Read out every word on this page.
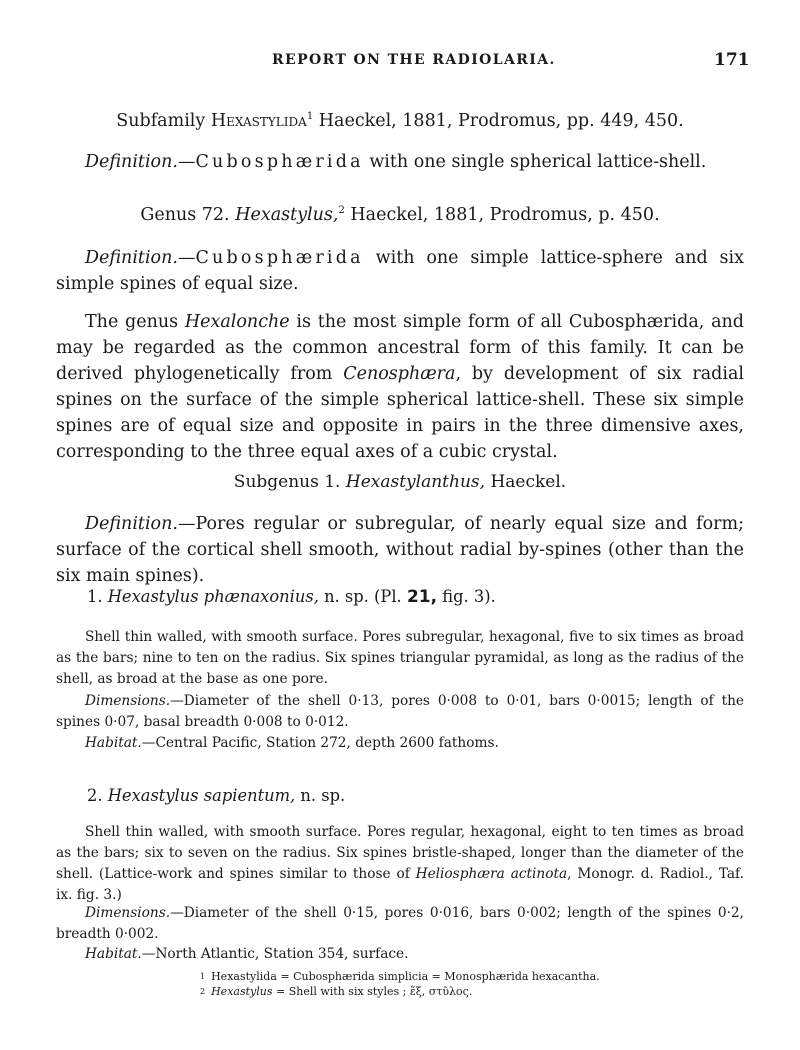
REPORT ON THE RADIOLARIA.	171
Subfamily Hexastylida$^1$ Haeckel, 1881, Prodromus, pp. 449, 450.
Definition.—Cubosphærida with one single spherical lattice-shell.
Genus 72. Hexastylus,$^2$ Haeckel, 1881, Prodromus, p. 450.
Definition.—Cubosphærida with one simple lattice-sphere and six simple spines of equal size.
The genus Hexalonche is the most simple form of all Cubosphærida, and may be regarded as the common ancestral form of this family. It can be derived phylogenetically from Cenosphæra, by development of six radial spines on the surface of the simple spherical lattice-shell. These six simple spines are of equal size and opposite in pairs in the three dimensive axes, corresponding to the three equal axes of a cubic crystal.
Subgenus 1. Hexastylanthus, Haeckel.
Definition.—Pores regular or subregular, of nearly equal size and form; surface of the cortical shell smooth, without radial by-spines (other than the six main spines).
1. Hexastylus phænaxonius, n. sp. (Pl. 21, fig. 3).
Shell thin walled, with smooth surface. Pores subregular, hexagonal, five to six times as broad as the bars; nine to ten on the radius. Six spines triangular pyramidal, as long as the radius of the shell, as broad at the base as one pore.
Dimensions.—Diameter of the shell 0·13, pores 0·008 to 0·01, bars 0·0015; length of the spines 0·07, basal breadth 0·008 to 0·012.
Habitat.—Central Pacific, Station 272, depth 2600 fathoms.
2. Hexastylus sapientum, n. sp.
Shell thin walled, with smooth surface. Pores regular, hexagonal, eight to ten times as broad as the bars; six to seven on the radius. Six spines bristle-shaped, longer than the diameter of the shell. (Lattice-work and spines similar to those of Heliosphæra actinota, Monogr. d. Radiol., Taf. ix. fig. 3.)
Dimensions.—Diameter of the shell 0·15, pores 0·016, bars 0·002; length of the spines 0·2, breadth 0·002.
Habitat.—North Atlantic, Station 354, surface.
$^1$ Hexastylida = Cubosphærida simplicia = Monosphærida hexacantha.
$^2$ Hexastylus = Shell with six styles ; ἕξ, στῦλος.
